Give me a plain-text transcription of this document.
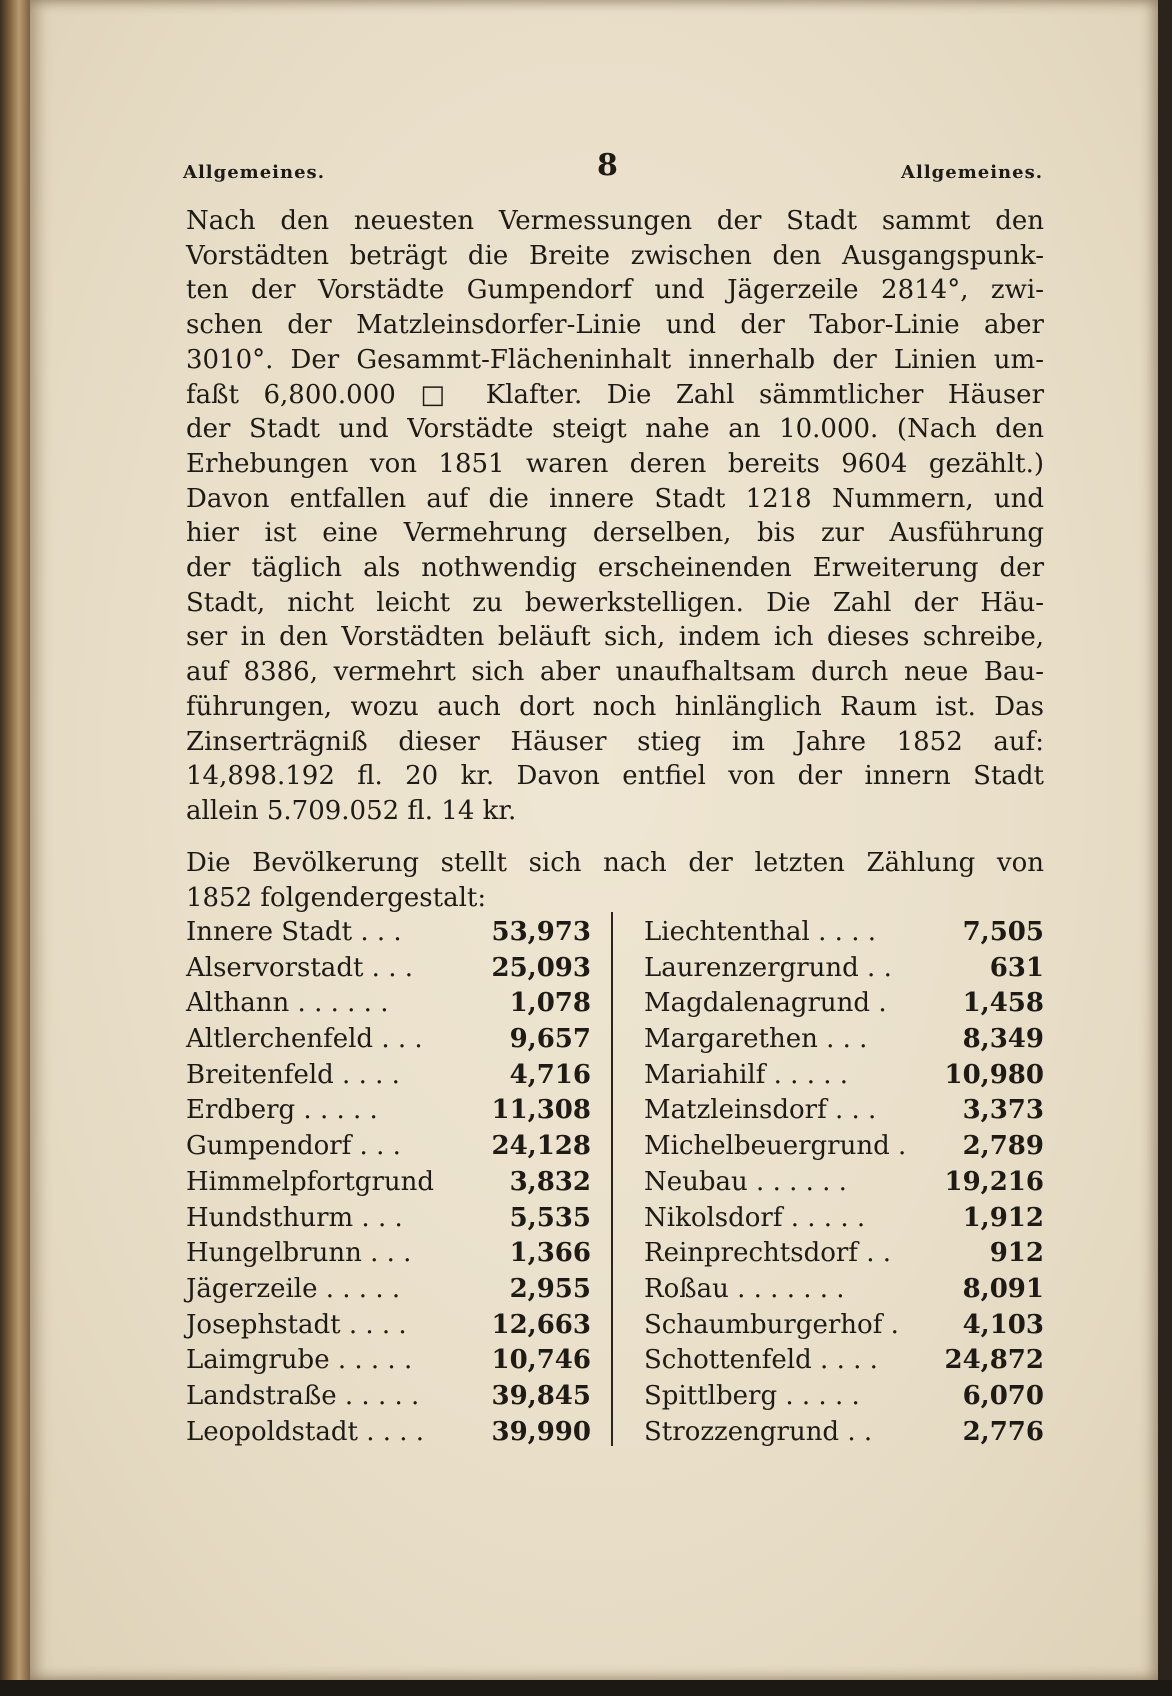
Allgemeines.	8	Allgemeines.
Nach den neuesten Vermessungen der Stadt sammt den
Vorstädten beträgt die Breite zwischen den Ausgangspunk-
ten der Vorstädte Gumpendorf und Jägerzeile 2814°, zwi-
schen der Matzleinsdorfer-Linie und der Tabor-Linie aber
3010°. Der Gesammt-Flächeninhalt innerhalb der Linien um-
faßt 6,800.000 □ Klafter. Die Zahl sämmtlicher Häuser
der Stadt und Vorstädte steigt nahe an 10.000. (Nach den
Erhebungen von 1851 waren deren bereits 9604 gezählt.)
Davon entfallen auf die innere Stadt 1218 Nummern, und
hier ist eine Vermehrung derselben, bis zur Ausführung
der täglich als nothwendig erscheinenden Erweiterung der
Stadt, nicht leicht zu bewerkstelligen. Die Zahl der Häu-
ser in den Vorstädten beläuft sich, indem ich dieses schreibe,
auf 8386, vermehrt sich aber unaufhaltsam durch neue Bau-
führungen, wozu auch dort noch hinlänglich Raum ist. Das
Zinserträgniß dieser Häuser stieg im Jahre 1852 auf:
14,898.192 fl. 20 kr. Davon entfiel von der innern Stadt
allein 5.709.052 fl. 14 kr.
Die Bevölkerung stellt sich nach der letzten Zählung von
1852 folgendergestalt:
Innere Stadt . . .	53,973
Alservorstadt . . .	25,093
Althann . . . . . .	1,078
Altlerchenfeld . . .	9,657
Breitenfeld . . . .	4,716
Erdberg . . . . .	11,308
Gumpendorf . . .	24,128
Himmelpfortgrund	3,832
Hundsthurm . . .	5,535
Hungelbrunn . . .	1,366
Jägerzeile . . . . .	2,955
Josephstadt . . . .	12,663
Laimgrube . . . . .	10,746
Landstraße . . . . .	39,845
Leopoldstadt . . . .	39,990
Liechtenthal . . . .	7,505
Laurenzergrund . .	631
Magdalenagrund .	1,458
Margarethen . . .	8,349
Mariahilf . . . . .	10,980
Matzleinsdorf . . .	3,373
Michelbeuergrund . 2,789
Neubau . . . . . .	19,216
Nikolsdorf . . . . .	1,912
Reinprechtsdorf . .	912
Roßau . . . . . . .	8,091
Schaumburgerhof . 4,103
Schottenfeld . . . .	24,872
Spittlberg . . . . .	6,070
Strozzengrund . .	2,776
